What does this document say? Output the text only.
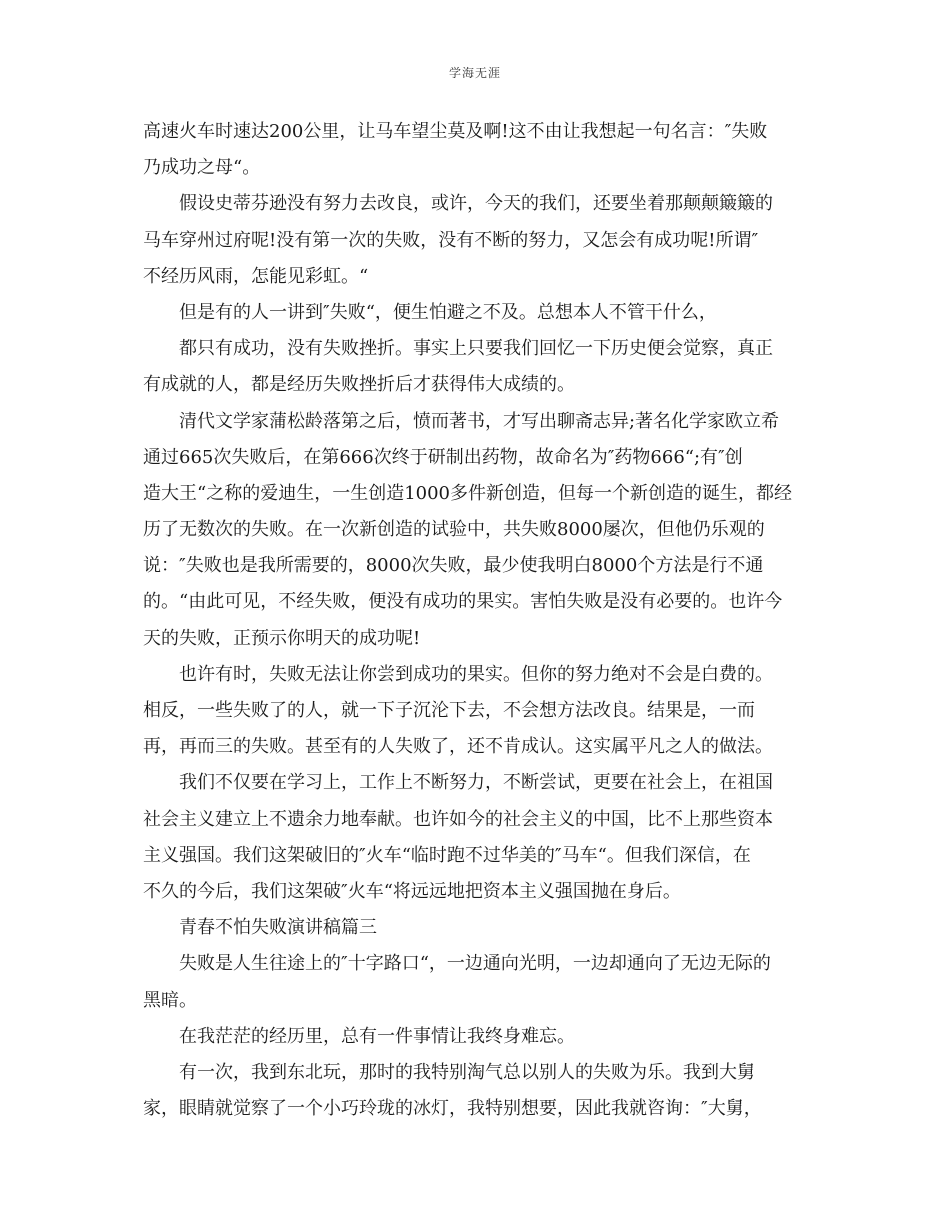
学海无涯
高速火车时速达200公里，让马车望尘莫及啊!这不由让我想起一句名言：″失败
乃成功之母“。
假设史蒂芬逊没有努力去改良，或许，今天的我们，还要坐着那颠颠簸簸的
马车穿州过府呢!没有第一次的失败，没有不断的努力，又怎会有成功呢!所谓″
不经历风雨，怎能见彩虹。“
但是有的人一讲到″失败“，便生怕避之不及。总想本人不管干什么，
都只有成功，没有失败挫折。事实上只要我们回忆一下历史便会觉察，真正
有成就的人，都是经历失败挫折后才获得伟大成绩的。
清代文学家蒲松龄落第之后，愤而著书，才写出聊斋志异;著名化学家欧立希
通过665次失败后，在第666次终于研制出药物，故命名为″药物666“;有″创
造大王“之称的爱迪生，一生创造1000多件新创造，但每一个新创造的诞生，都经
历了无数次的失败。在一次新创造的试验中，共失败8000屡次，但他仍乐观的
说：″失败也是我所需要的，8000次失败，最少使我明白8000个方法是行不通
的。“由此可见，不经失败，便没有成功的果实。害怕失败是没有必要的。也许今
天的失败，正预示你明天的成功呢!
也许有时，失败无法让你尝到成功的果实。但你的努力绝对不会是白费的。
相反，一些失败了的人，就一下子沉沦下去，不会想方法改良。结果是，一而
再，再而三的失败。甚至有的人失败了，还不肯成认。这实属平凡之人的做法。
我们不仅要在学习上，工作上不断努力，不断尝试，更要在社会上，在祖国
社会主义建立上不遗余力地奉献。也许如今的社会主义的中国，比不上那些资本
主义强国。我们这架破旧的″火车“临时跑不过华美的″马车“。但我们深信，在
不久的今后，我们这架破″火车“将远远地把资本主义强国抛在身后。
青春不怕失败演讲稿篇三
失败是人生往途上的″十字路口“，一边通向光明，一边却通向了无边无际的
黑暗。
在我茫茫的经历里，总有一件事情让我终身难忘。
有一次，我到东北玩，那时的我特别淘气总以别人的失败为乐。我到大舅
家，眼睛就觉察了一个小巧玲珑的冰灯，我特别想要，因此我就咨询：″大舅，
